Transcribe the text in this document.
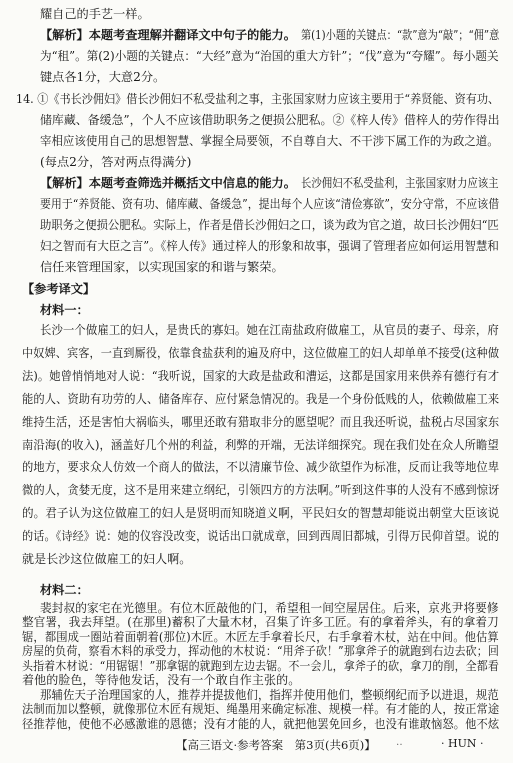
耀自己的手艺一样。
【解析】本题考查理解并翻译文中句子的能力。 第(1)小题的关键点：“款”意为“敲”；“佣”意
为“租”。第(2)小题的关键点：“大经”意为“治国的重大方针”；“伐”意为“夸耀”。每小题关
键点各1分，大意2分。
14. ①《书长沙佣妇》借长沙佣妇不私受盐利之事，主张国家财力应该主要用于“养贤能、资有功、
储库藏、备缓急”，个人不应该借助职务之便损公肥私。②《梓人传》借梓人的劳作得出
宰相应该使用自己的思想智慧、掌握全局要领，不自尊自大、不干涉下属工作的为政之道。
(每点2分，答对两点得满分)
【解析】本题考查筛选并概括文中信息的能力。 长沙佣妇不私受盐利，主张国家财力应该主
要用于“养贤能、资有功、储库藏、备缓急”，提出每个人应该“清俭寡欲”，安分守常，不应该借
助职务之便损公肥私。实际上，作者是借长沙佣妇之口，谈为政为官之道，故曰长沙佣妇“匹
妇之智而有大臣之言”。《梓人传》通过梓人的形象和故事，强调了管理者应如何运用智慧和
信任来管理国家，以实现国家的和谐与繁荣。
【参考译文】
材料一：
长沙一个做雇工的妇人，是贵氏的寡妇。她在江南盐政府做雇工，从官员的妻子、母亲，府
中奴婢、宾客，一直到厮役，依靠食盐获利的遍及府中，这位做雇工的妇人却单单不接受(这种做
法)。她曾悄悄地对人说：“我听说，国家的大政是盐政和漕运，这都是国家用来供养有德行有才
能的人、资助有功劳的人、储备库存、应付紧急情况的。我是一个身份低贱的人，依赖做雇工来
维持生活，还是害怕大祸临头，哪里还敢有猎取非分的愿望呢？而且我还听说，盐税占尽国家东
南沿海(的收入)，涵盖好几个州的利益，利弊的开端，无法详细探究。现在我们处在众人所瞻望
的地方，要求众人仿效一个商人的做法，不以清廉节俭、减少欲望作为标准，反而让我等地位卑
微的人，贪婪无度，这不是用来建立纲纪，引领四方的方法啊。”听到这件事的人没有不感到惊讶
的。君子认为这位做雇工的妇人是贤明而知晓道义啊，平民妇女的智慧却能说出朝堂大臣该说
的话。《诗经》说：她的仪容没改变，说话出口就成章，回到西周旧都城，引得万民仰首望。说的
就是长沙这位做雇工的妇人啊。
材料二：
裴封叔的家宅在光德里。有位木匠敲他的门，希望租一间空屋居住。后来，京兆尹将要修
整官署，我去拜望。(在那里)蓄积了大量木材，召集了许多工匠。有的拿着斧头，有的拿着刀
锯，都围成一圈站着面朝着(那位)木匠。木匠左手拿着长尺，右手拿着木杖，站在中间。他估算
房屋的负荷，察看木料的承受力，挥动他的木杖说：“用斧子砍！”那拿斧子的就跑到右边去砍；回
头指着木材说：“用锯锯！”那拿锯的就跑到左边去锯。不一会儿，拿斧子的砍，拿刀的削，全都看
着他的脸色，等待他发话，没有一个敢自作主张的。
那辅佐天子治理国家的人，推荐并提拔他们，指挥并使用他们，整顿纲纪而予以进退，规范
法制而加以整顿，就像那位木匠有规矩、绳墨用来确定标准、规模一样。有才能的人，按正常途
径推荐他，使他不必感激谁的恩德；没有才能的人，就把他罢免回乡，也没有谁敢恼怒。他不炫
【高三语文·参考答案　第3页(共6页)】 ‥	· HUN ·
